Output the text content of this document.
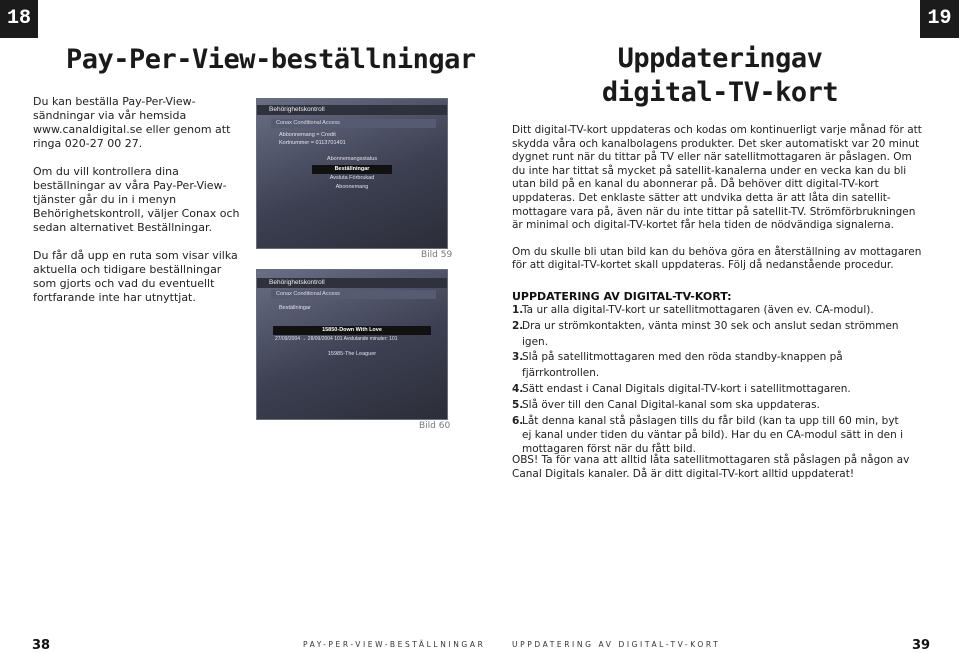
18
Pay-Per-View-beställningar

Du kan beställa Pay-Per-View-sändningar via vår hemsida www.canaldigital.se eller genom att ringa 020-27 00 27.

Om du vill kontrollera dina beställningar av våra Pay-Per-View-tjänster går du in i menyn Behörighetskontroll, väljer Conax och sedan alternativet Beställningar.

Du får då upp en ruta som visar vilka aktuella och tidigare beställningar som gjorts och vad du eventuellt fortfarande inte har utnyttjat.

Behörighetskontroll
Conax Conditional Access
Abbonnemang = Credit
Kortnummer = 0113701401
Abonnemangsstatus
Beställningar
Avsluta Förbrukad
Abonnemang
Bild 59
Behörighetskontroll
Conax Conditional Access
Beställningar
15850-Down With Love
27/09/2004 → 28/09/2004 101 Avslutande minuter: 101
15985-The Leaguer
Bild 60
38	PAY-PER-VIEW-BESTÄLLNINGAR
19
Uppdateringav
digital-TV-kort

Ditt digital-TV-kort uppdateras och kodas om kontinuerligt varje månad för att skydda våra och kanalbolagens produkter. Det sker automatiskt var 20 minut dygnet runt när du tittar på TV eller när satellitmottagaren är påslagen. Om du inte har tittat så mycket på satellit-kanalerna under en vecka kan du bli utan bild på en kanal du abonnerar på. Då behöver ditt digital-TV-kort uppdateras. Det enklaste sätter att undvika detta är att låta din satellit-mottagare vara på, även när du inte tittar på satellit-TV. Strömförbrukningen är minimal och digital-TV-kortet får hela tiden de nödvändiga signalerna.

Om du skulle bli utan bild kan du behöva göra en återställning av mottagaren för att digital-TV-kortet skall uppdateras. Följ då nedanstående procedur.

UPPDATERING AV DIGITAL-TV-KORT:
1.
Ta ur alla digital-TV-kort ur satellitmottagaren (även ev. CA-modul).
2.
Dra ur strömkontakten, vänta minst 30 sek och anslut sedan strömmen igen.
3.
Slå på satellitmottagaren med den röda standby-knappen på fjärrkontrollen.
4.
Sätt endast i Canal Digitals digital-TV-kort i satellitmottagaren.
5.
Slå över till den Canal Digital-kanal som ska uppdateras.
6.
Låt denna kanal stå påslagen tills du får bild (kan ta upp till 60 min, byt ej kanal under tiden du väntar på bild). Har du en CA-modul sätt in den i mottagaren först när du fått bild.
OBS! Ta för vana att alltid låta satellitmottagaren stå påslagen på någon av Canal Digitals kanaler. Då är ditt digital-TV-kort alltid uppdaterat!
UPPDATERING AV DIGITAL-TV-KORT	39
